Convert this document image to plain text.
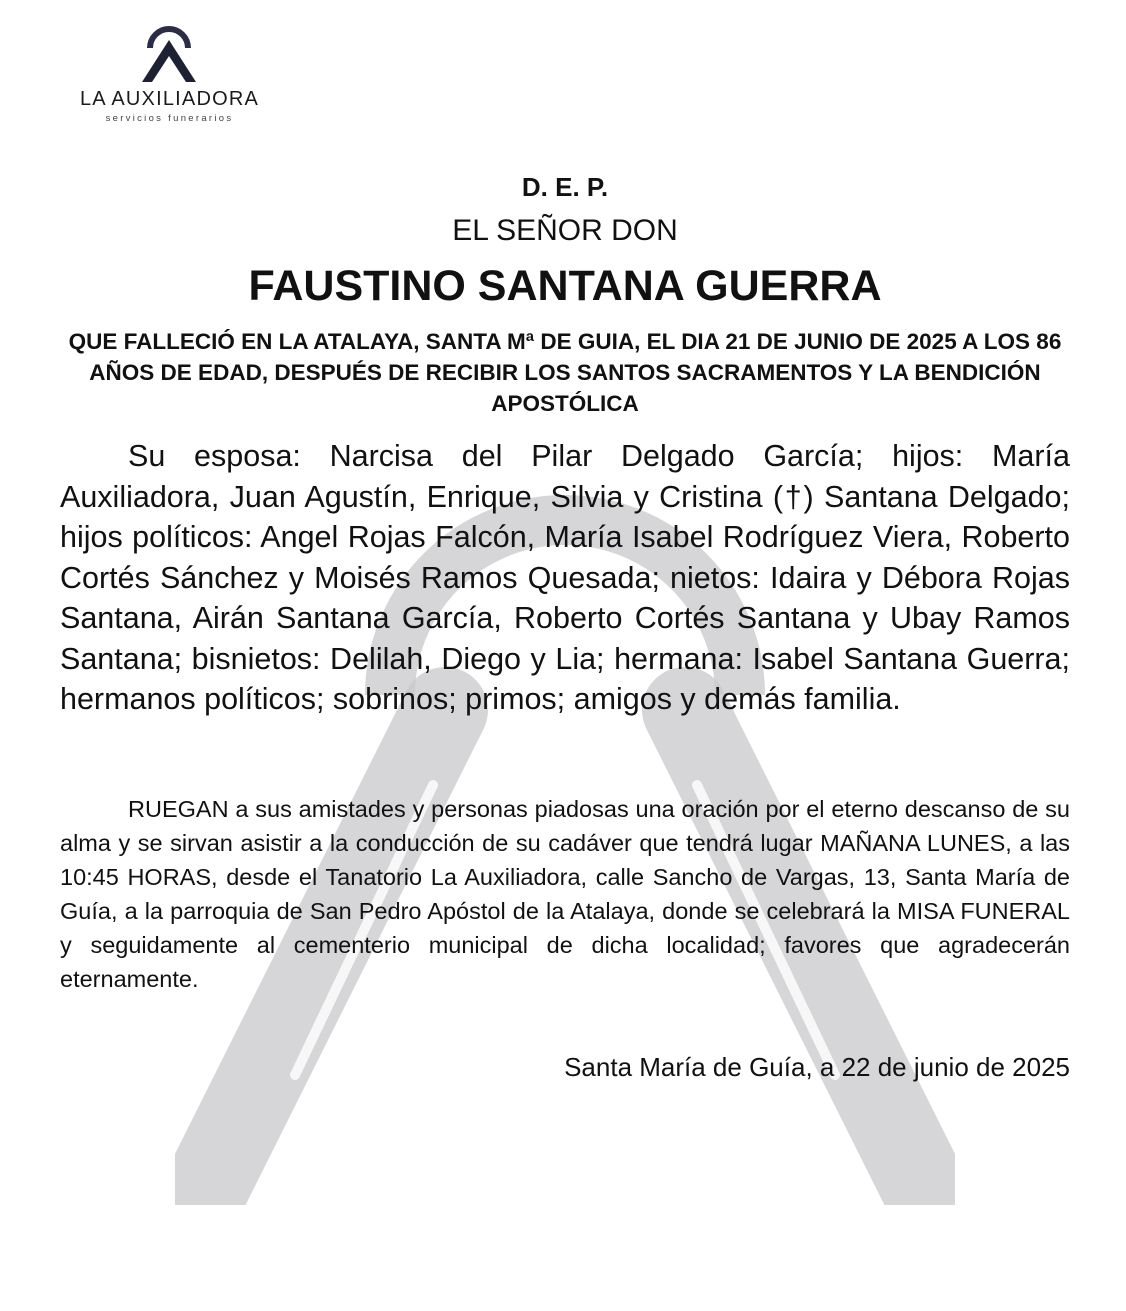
LA AUXILIADORA
servicios funerarios

D. E. P.

EL SEÑOR DON

FAUSTINO SANTANA GUERRA

QUE FALLECIÓ EN LA ATALAYA, SANTA Mª DE GUIA, EL DIA 21 DE JUNIO DE 2025 A LOS 86 AÑOS DE EDAD, DESPUÉS DE RECIBIR LOS SANTOS SACRAMENTOS Y LA BENDICIÓN APOSTÓLICA

Su esposa: Narcisa del Pilar Delgado García; hijos: María Auxiliadora, Juan Agustín, Enrique, Silvia y Cristina (†) Santana Delgado; hijos políticos: Angel Rojas Falcón, María Isabel Rodríguez Viera, Roberto Cortés Sánchez y Moisés Ramos Quesada; nietos: Idaira y Débora Rojas Santana, Airán Santana García, Roberto Cortés Santana y Ubay Ramos Santana; bisnietos: Delilah, Diego y Lia; hermana: Isabel Santana Guerra; hermanos políticos; sobrinos; primos; amigos y demás familia.

RUEGAN a sus amistades y personas piadosas una oración por el eterno descanso de su alma y se sirvan asistir a la conducción de su cadáver que tendrá lugar MAÑANA LUNES, a las 10:45 HORAS, desde el Tanatorio La Auxiliadora, calle Sancho de Vargas, 13, Santa María de Guía, a la parroquia de San Pedro Apóstol de la Atalaya, donde se celebrará la MISA FUNERAL y seguidamente al cementerio municipal de dicha localidad; favores que agradecerán eternamente.

Santa María de Guía, a 22 de junio de 2025
